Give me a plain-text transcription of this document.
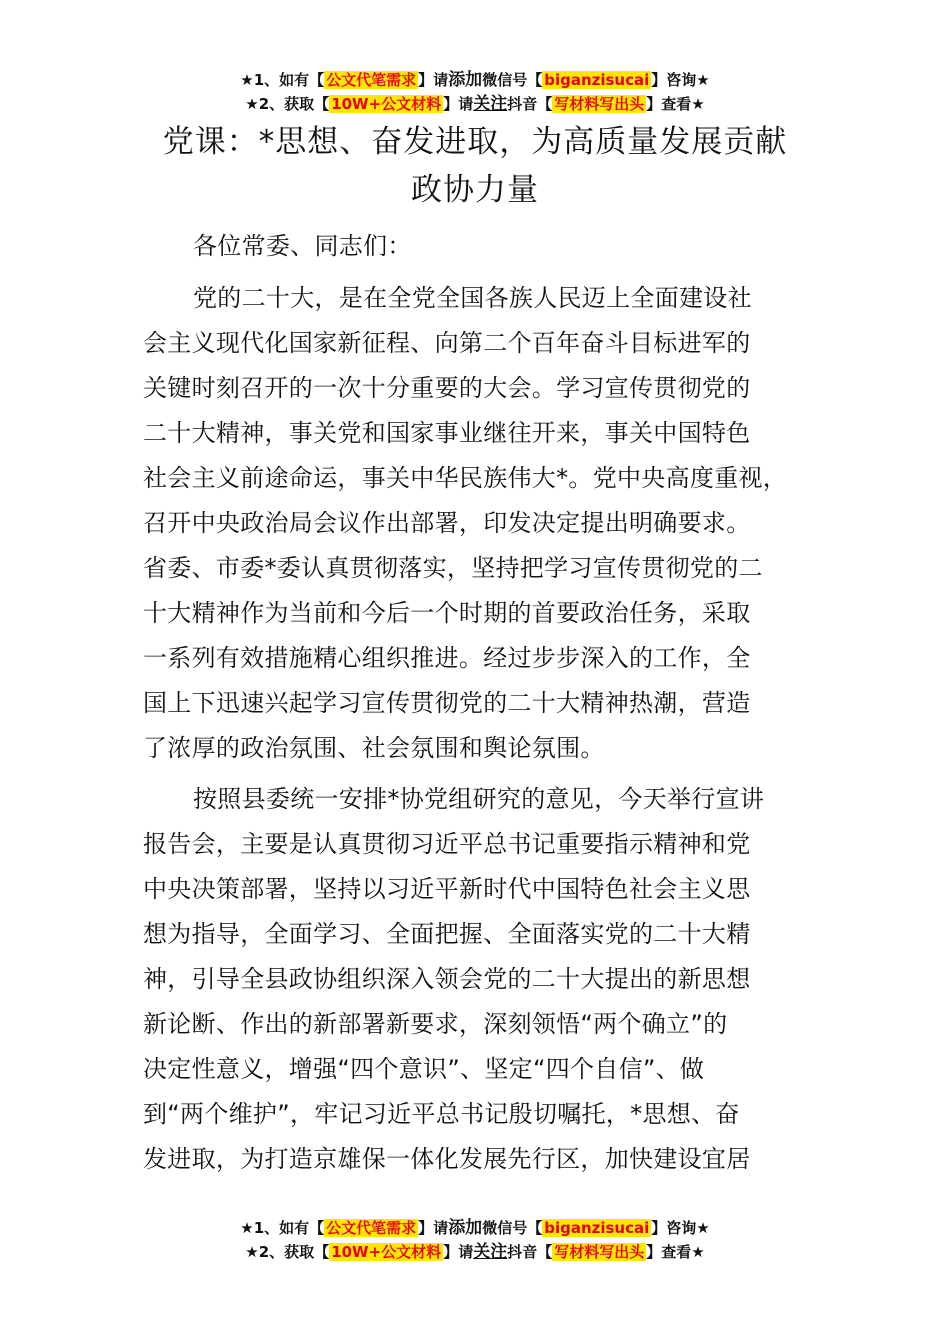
★1、如有【 公文代笔需求 】请添加微信号【 biganzisucai 】咨询★
★2、获取【 10W+公文材料 】请关注抖音【 写材料写出头 】查看★
党课：*思想、奋发进取，为高质量发展贡献
政协力量
各位常委、同志们：
党的二十大，是在全党全国各族人民迈上全面建设社
会主义现代化国家新征程、向第二个百年奋斗目标进军的
关键时刻召开的一次十分重要的大会。学习宣传贯彻党的
二十大精神，事关党和国家事业继往开来，事关中国特色
社会主义前途命运，事关中华民族伟大*。党中央高度重视，
召开中央政治局会议作出部署，印发决定提出明确要求。
省委、市委*委认真贯彻落实，坚持把学习宣传贯彻党的二
十大精神作为当前和今后一个时期的首要政治任务，采取
一系列有效措施精心组织推进。经过步步深入的工作，全
国上下迅速兴起学习宣传贯彻党的二十大精神热潮，营造
了浓厚的政治氛围、社会氛围和舆论氛围。
按照县委统一安排*协党组研究的意见，今天举行宣讲
报告会，主要是认真贯彻习近平总书记重要指示精神和党
中央决策部署，坚持以习近平新时代中国特色社会主义思
想为指导，全面学习、全面把握、全面落实党的二十大精
神，引导全县政协组织深入领会党的二十大提出的新思想
新论断、作出的新部署新要求，深刻领悟“两个确立”的
决定性意义，增强“四个意识”、坚定“四个自信”、做
到“两个维护”，牢记习近平总书记殷切嘱托，*思想、奋
发进取，为打造京雄保一体化发展先行区，加快建设宜居
★1、如有【 公文代笔需求 】请添加微信号【 biganzisucai 】咨询★
★2、获取【 10W+公文材料 】请关注抖音【 写材料写出头 】查看★
